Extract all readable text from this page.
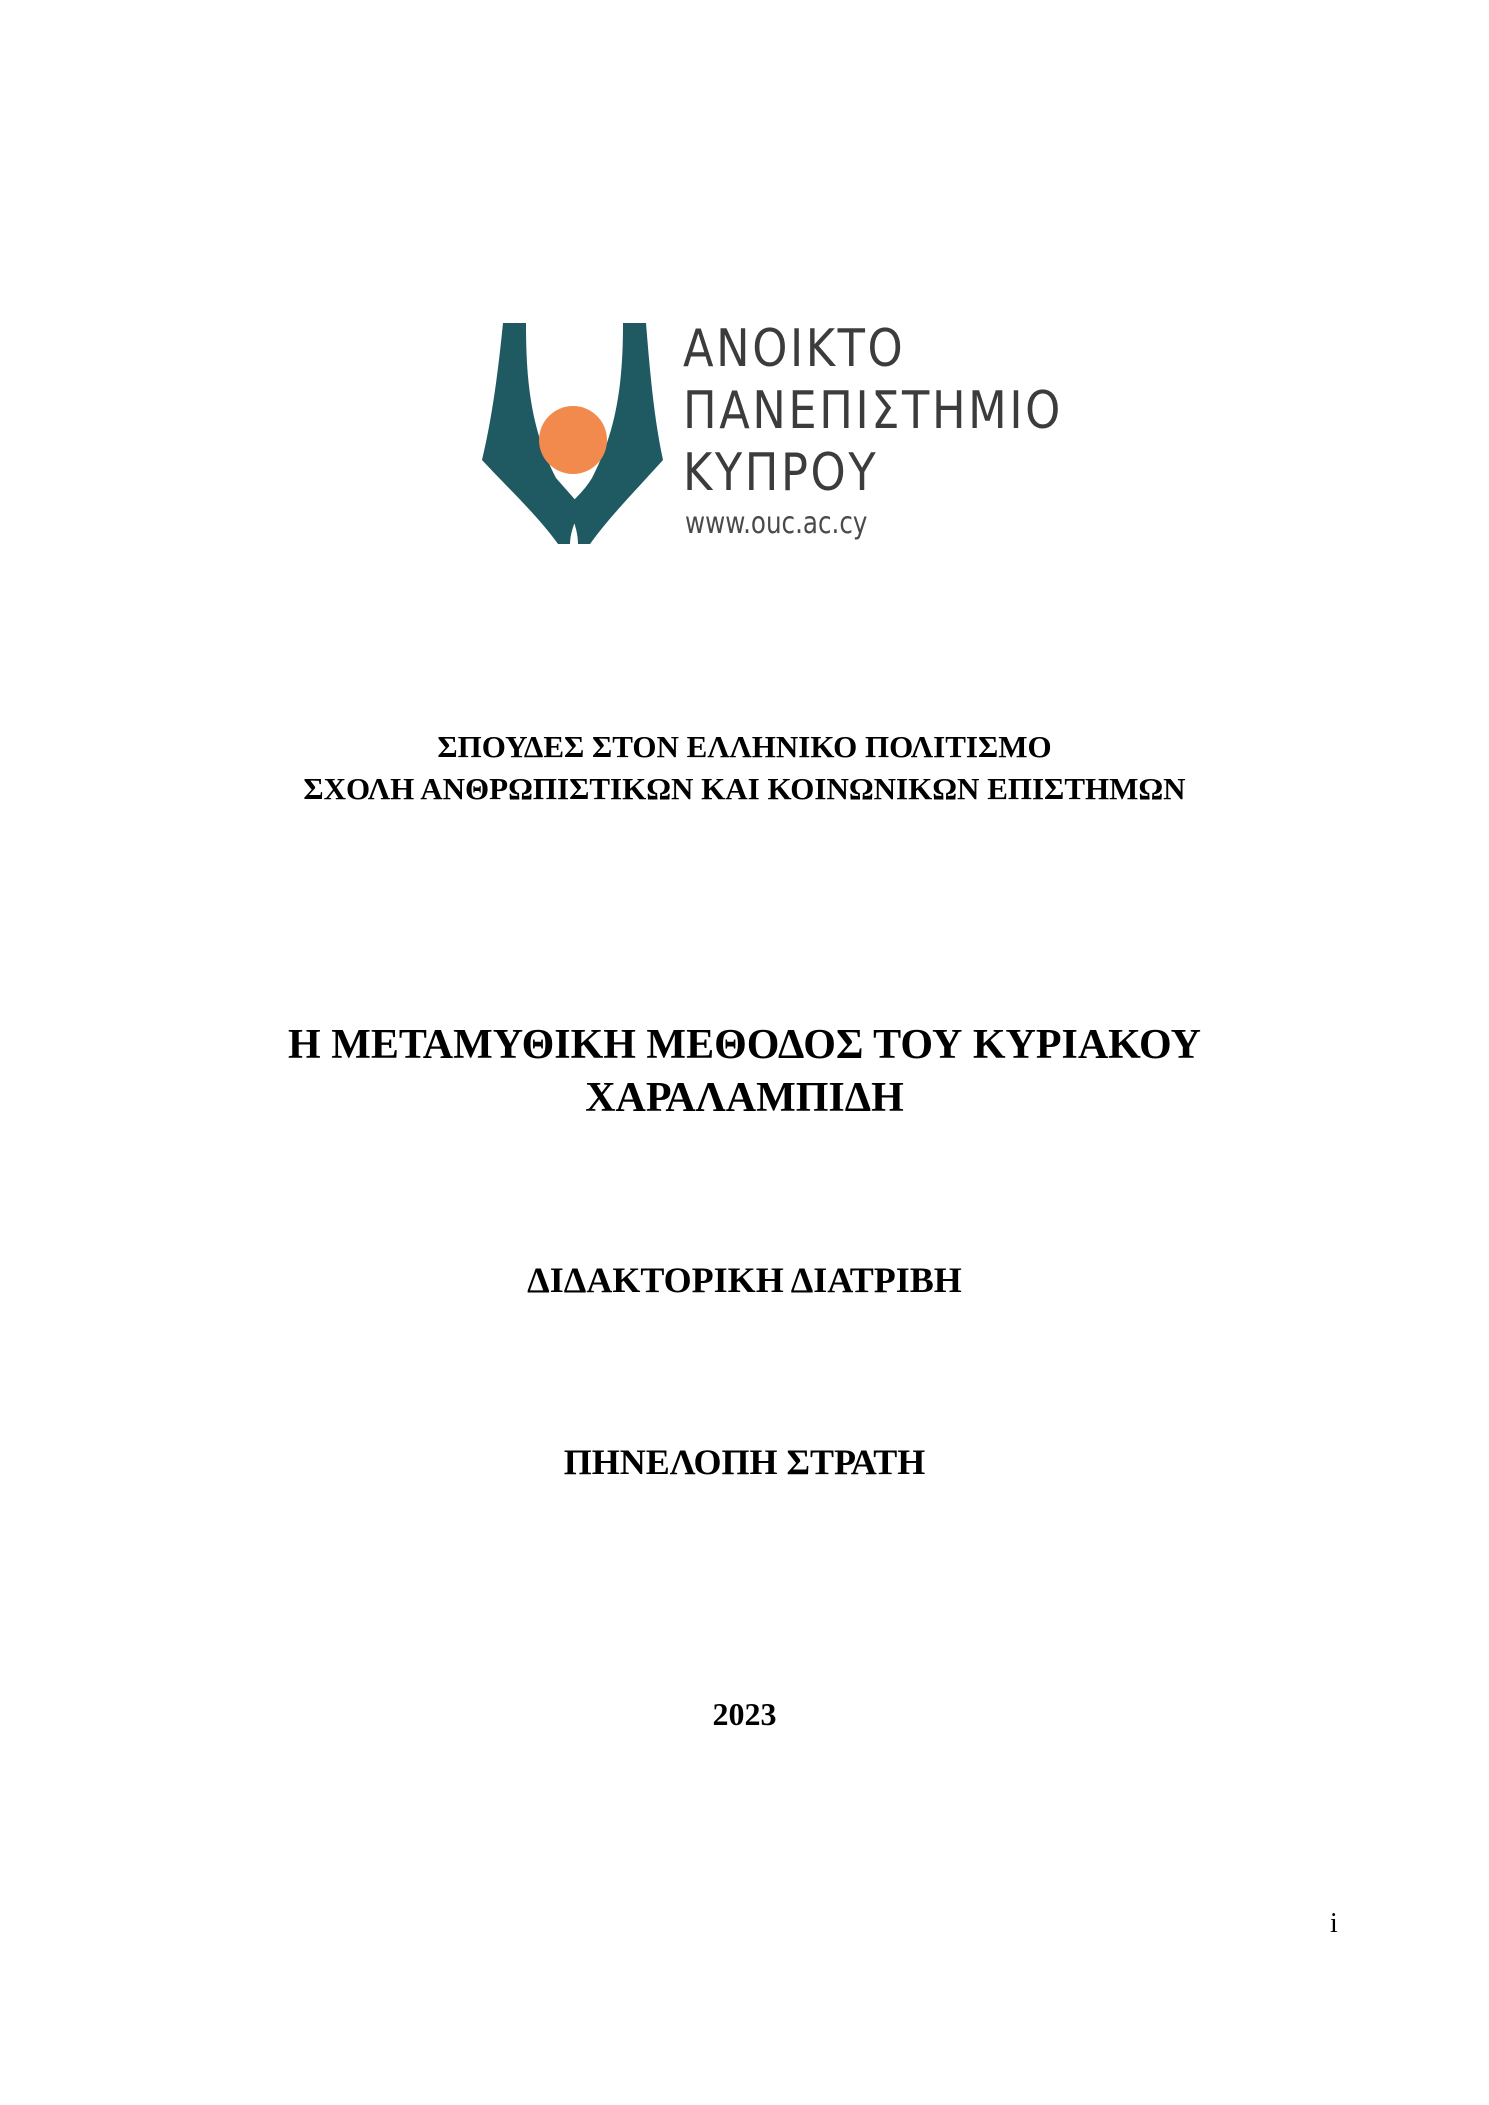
ΑΝΟΙΚΤΟ
ΠΑΝΕΠΙΣΤΗΜΙΟ
ΚΥΠΡΟΥ
www.ouc.ac.cy
ΣΠΟΥΔΕΣ ΣΤΟΝ ΕΛΛΗΝΙΚΟ ΠΟΛΙΤΙΣΜΟ
ΣΧΟΛΗ ΑΝΘΡΩΠΙΣΤΙΚΩΝ ΚΑΙ ΚΟΙΝΩΝΙΚΩΝ ΕΠΙΣΤΗΜΩΝ
Η ΜΕΤΑΜΥΘΙΚΗ ΜΕΘΟΔΟΣ ΤΟΥ ΚΥΡΙΑΚΟΥ
ΧΑΡΑΛΑΜΠΙΔΗ
ΔΙΔΑΚΤΟΡΙΚΗ ΔΙΑΤΡΙΒΗ
ΠΗΝΕΛΟΠΗ ΣΤΡΑΤΗ
2023
i
